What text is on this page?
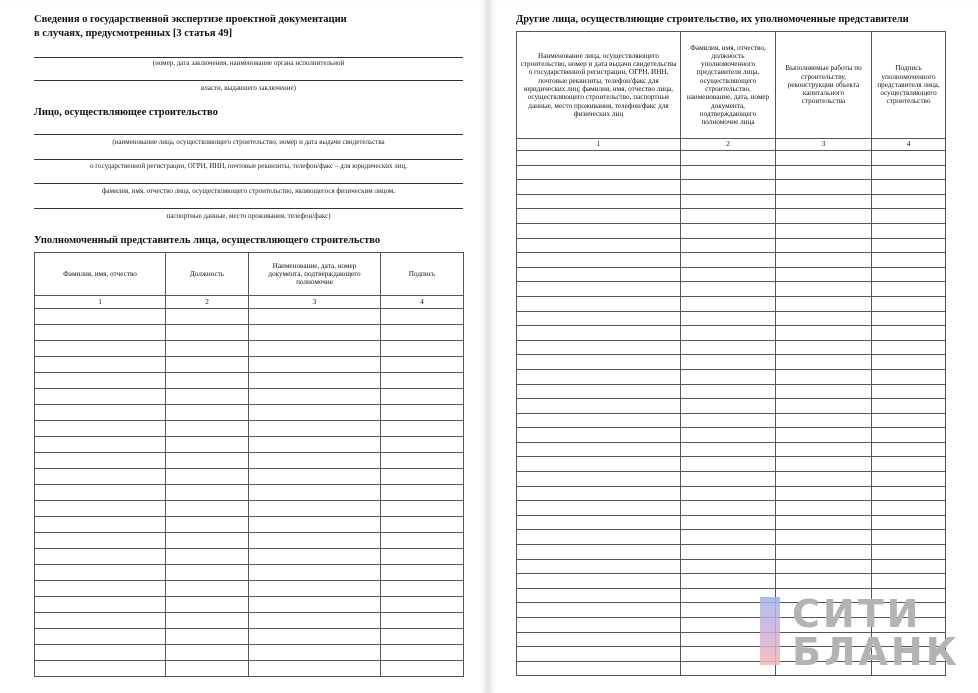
Сведения о государственной экспертизе проектной документации
в случаях, предусмотренных [3 статья 49]
(номер, дата заключения, наименование органа исполнительной
власти, выдавшего заключение)
Лицо, осуществляющее строительство
(наименование лица, осуществляющего строительство, номер и дата выдачи свидетельства
о государственной регистрации, ОГРН, ИНН, почтовые реквизиты, телефон/факс – для юридических лиц,
фамилия, имя, отчество лица, осуществляющего строительство, являющегося физическим лицом,
паспортные данные, место проживания, телефон/факс)
Уполномоченный представитель лица, осуществляющего строительство
Фамилия, имя, отчество	Должность	Наименование, дата, номер документа, подтверждающего полномочие	Подпись
1	2	3	4

Другие лица, осуществляющие строительство, их уполномоченные представители
Наименование лица, осуществляющего строительство, номер и дата выдачи свидетельства о государственной регистрации, ОГРН, ИНН, почтовые реквизиты, телефон/факс для юридических лиц; фамилия, имя, отчество лица, осуществляющего строительство, паспортные данные, место проживания, телефон/факс для физических лиц	Фамилия, имя, отчество, должность уполномоченного представителя лица, осуществляющего строительство, наименование, дата, номер документа, подтверждающего полномочие лица	Выполняемые работы по строительству, реконструкции объекта капитального строительства	Подпись уполномоченного представителя лица, осуществляющего строительство

1	2	3	4

СИТИ
БЛАНК
